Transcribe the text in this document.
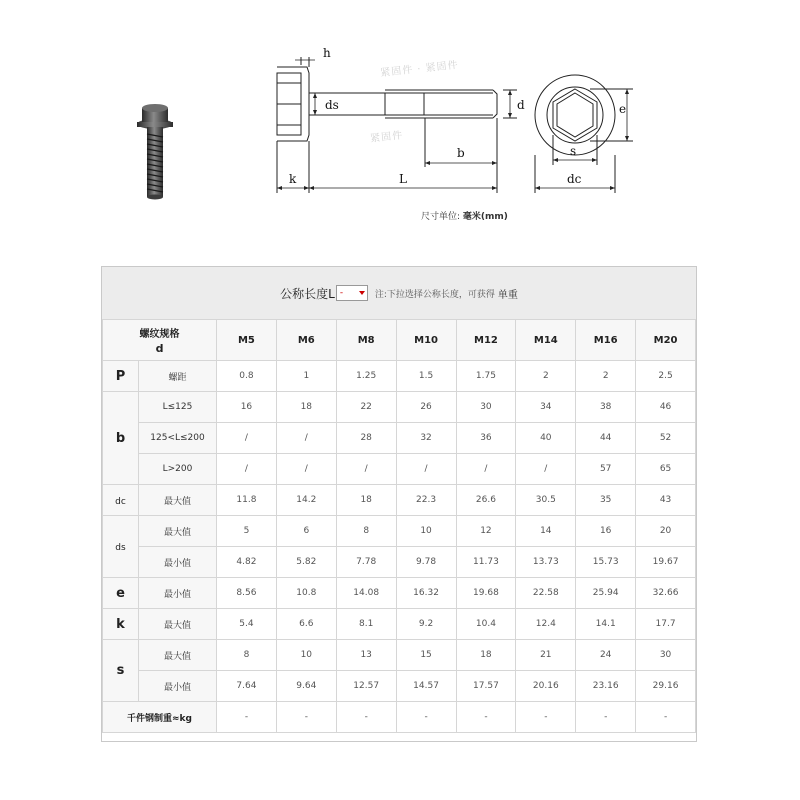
h
ds	d
b
k	L
e
s
dc
紧固件 · 紧固件
紧固件
尺寸单位: 毫米(mm)
公称长度L -	注:下拉选择公称长度，可获得 单重
螺纹规格
d		M5	M6	M8	M10	M12	M14	M16	M20
P	螺距	0.8	1	1.25	1.5	1.75	2	2	2.5
b	L≤125	16	18	22	26	30	34	38	46
	125<L≤200	/	/	28	32	36	40	44	52
	L>200	/	/	/	/	/	/	57	65
dc	最大值	11.8	14.2	18	22.3	26.6	30.5	35	43
ds	最大值	5	6	8	10	12	14	16	20
	最小值	4.82	5.82	7.78	9.78	11.73	13.73	15.73	19.67
e	最小值	8.56	10.8	14.08	16.32	19.68	22.58	25.94	32.66
k	最大值	5.4	6.6	8.1	9.2	10.4	12.4	14.1	17.7
s	最大值	8	10	13	15	18	21	24	30
	最小值	7.64	9.64	12.57	14.57	17.57	20.16	23.16	29.16
千件钢制重≈kg		-	-	-	-	-	-	-	-
